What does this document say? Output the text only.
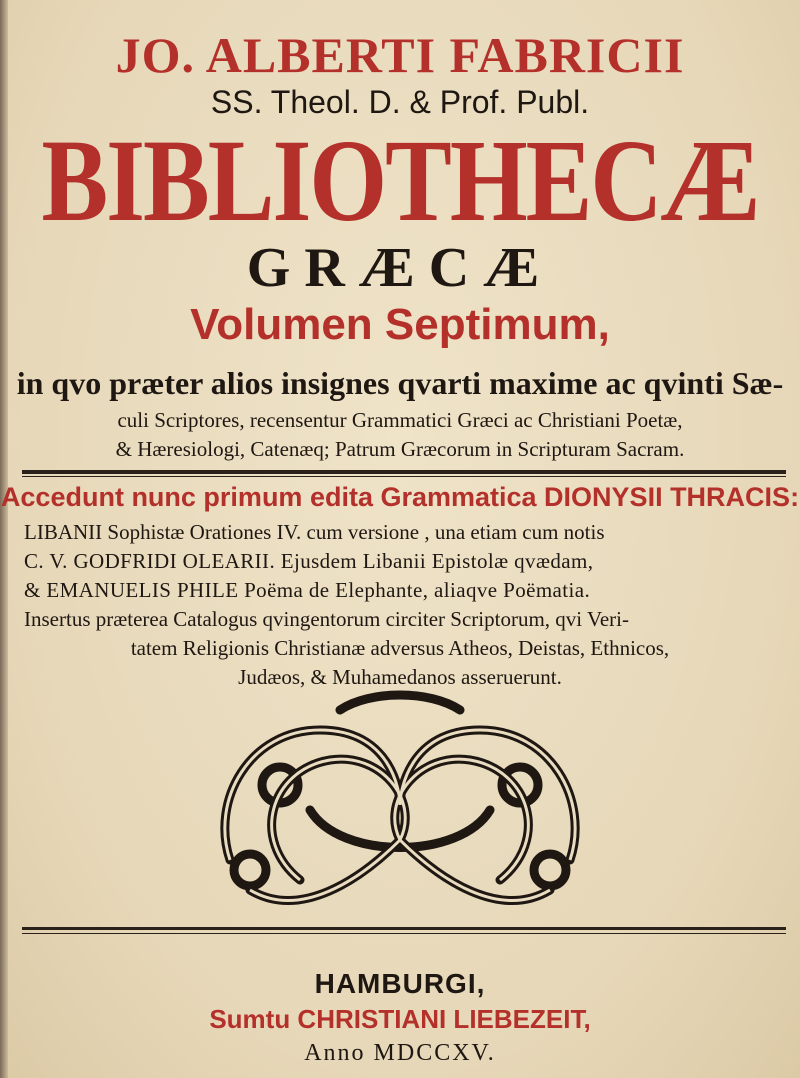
JO. ALBERTI FABRICII
SS. Theol. D. & Prof. Publ.
BIBLIOTHECÆ
GRÆCÆ
Volumen Septimum,
in qvo præter alios insignes qvarti maxime ac qvinti Sæ-
culi Scriptores, recensentur Grammatici Græci ac Christiani Poetæ,
& Hæresiologi, Catenæq; Patrum Græcorum in Scripturam Sacram.
Accedunt nunc primum edita Grammatica DIONYSII THRACIS:
LIBANII Sophistæ Orationes IV. cum versione , una etiam cum notis
C. V. GODFRIDI OLEARII. Ejusdem Libanii Epistolæ qvædam,
& EMANUELIS PHILE Poëma de Elephante, aliaqve Poëmatia.
Insertus præterea Catalogus qvingentorum circiter Scriptorum, qvi Veri-
tatem Religionis Christianæ adversus Atheos, Deistas, Ethnicos,
Judæos, & Muhamedanos asseruerunt.
HAMBURGI,
Sumtu CHRISTIANI LIEBEZEIT,
Anno MDCCXV.
